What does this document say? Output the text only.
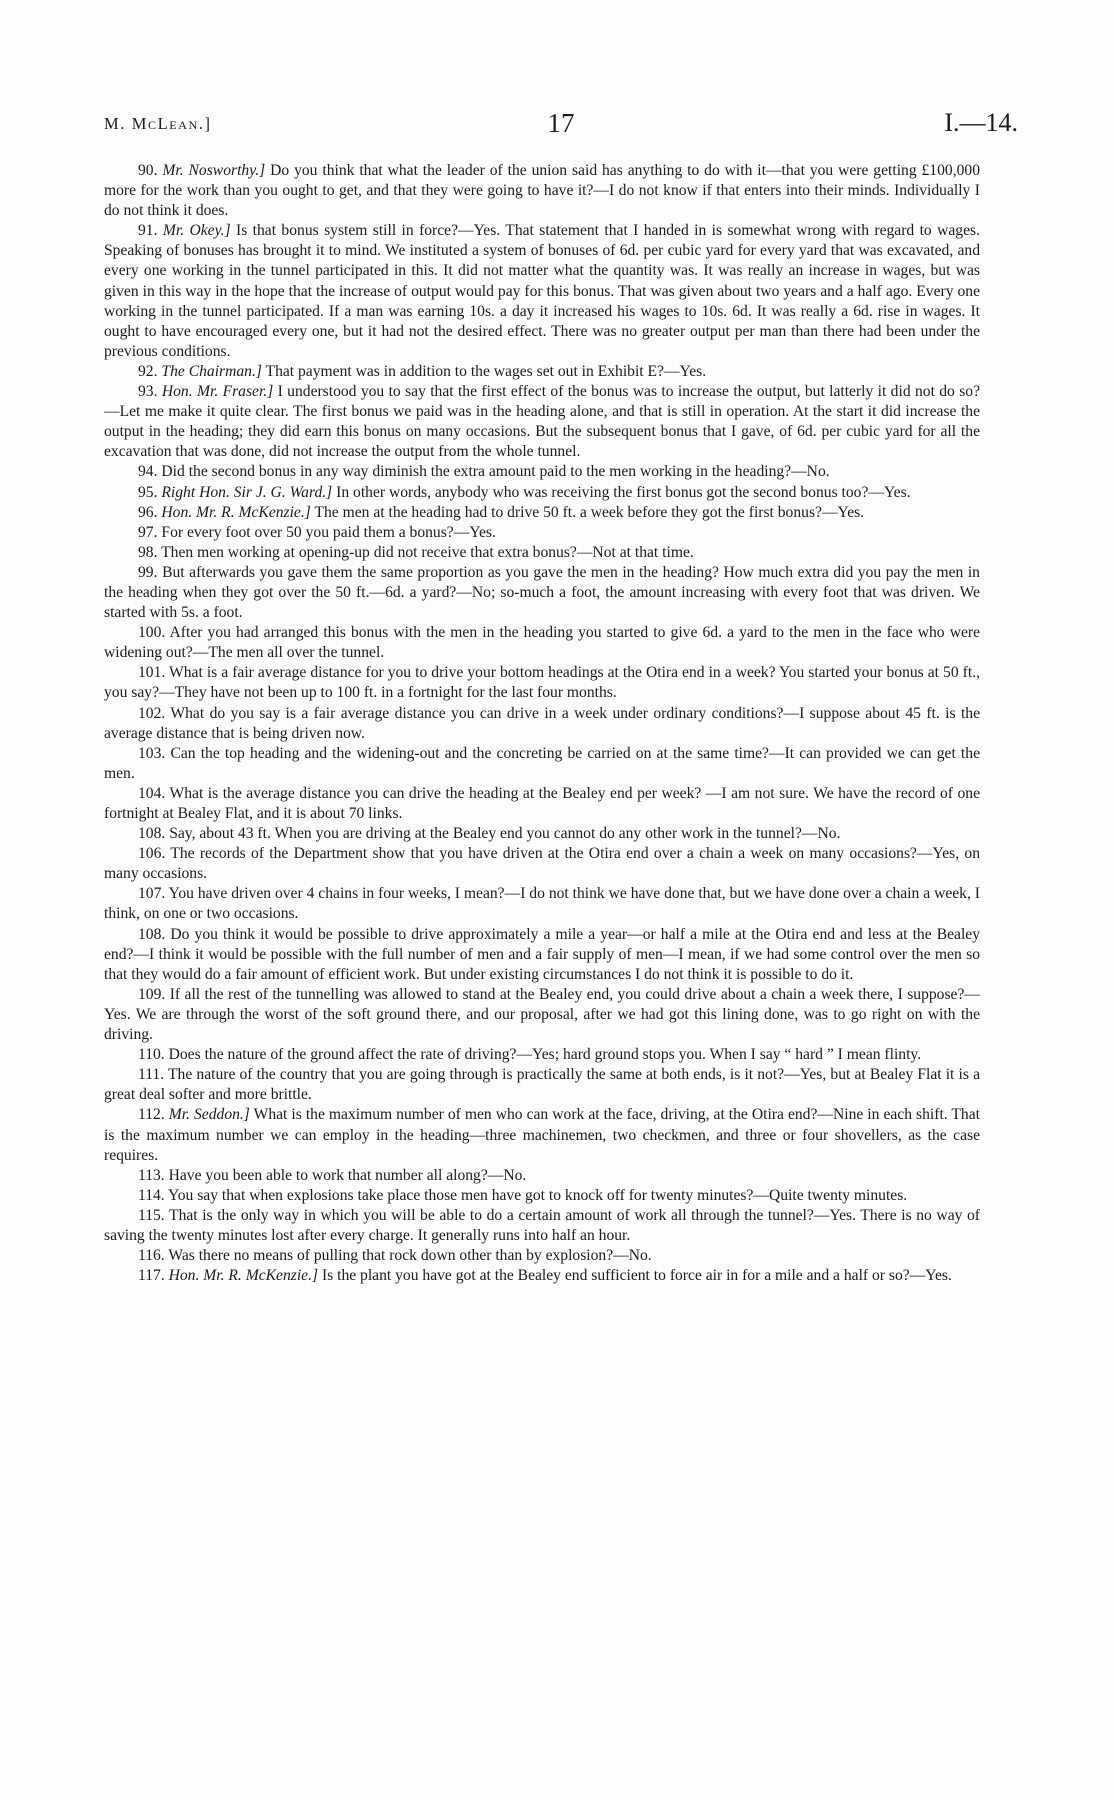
M. McLean.]	17	I.—14.

90. Mr. Nosworthy.] Do you think that what the leader of the union said has anything to do with it—that you were getting £100,000 more for the work than you ought to get, and that they were going to have it?—I do not know if that enters into their minds. Individually I do not think it does.

91. Mr. Okey.] Is that bonus system still in force?—Yes. That statement that I handed in is somewhat wrong with regard to wages. Speaking of bonuses has brought it to mind. We instituted a system of bonuses of 6d. per cubic yard for every yard that was excavated, and every one working in the tunnel participated in this. It did not matter what the quantity was. It was really an increase in wages, but was given in this way in the hope that the increase of output would pay for this bonus. That was given about two years and a half ago. Every one working in the tunnel participated. If a man was earning 10s. a day it increased his wages to 10s. 6d. It was really a 6d. rise in wages. It ought to have encouraged every one, but it had not the desired effect. There was no greater output per man than there had been under the previous conditions.

92. The Chairman.] That payment was in addition to the wages set out in Exhibit E?—Yes.

93. Hon. Mr. Fraser.] I understood you to say that the first effect of the bonus was to increase the output, but latterly it did not do so?—Let me make it quite clear. The first bonus we paid was in the heading alone, and that is still in operation. At the start it did increase the output in the heading; they did earn this bonus on many occasions. But the subsequent bonus that I gave, of 6d. per cubic yard for all the excavation that was done, did not increase the output from the whole tunnel.

94. Did the second bonus in any way diminish the extra amount paid to the men working in the heading?—No.

95. Right Hon. Sir J. G. Ward.] In other words, anybody who was receiving the first bonus got the second bonus too?—Yes.

96. Hon. Mr. R. McKenzie.] The men at the heading had to drive 50 ft. a week before they got the first bonus?—Yes.

97. For every foot over 50 you paid them a bonus?—Yes.

98. Then men working at opening-up did not receive that extra bonus?—Not at that time.

99. But afterwards you gave them the same proportion as you gave the men in the heading? How much extra did you pay the men in the heading when they got over the 50 ft.—6d. a yard?—No; so-much a foot, the amount increasing with every foot that was driven. We started with 5s. a foot.

100. After you had arranged this bonus with the men in the heading you started to give 6d. a yard to the men in the face who were widening out?—The men all over the tunnel.

101. What is a fair average distance for you to drive your bottom headings at the Otira end in a week? You started your bonus at 50 ft., you say?—They have not been up to 100 ft. in a fortnight for the last four months.

102. What do you say is a fair average distance you can drive in a week under ordinary conditions?—I suppose about 45 ft. is the average distance that is being driven now.

103. Can the top heading and the widening-out and the concreting be carried on at the same time?—It can provided we can get the men.

104. What is the average distance you can drive the heading at the Bealey end per week? —I am not sure. We have the record of one fortnight at Bealey Flat, and it is about 70 links.

108. Say, about 43 ft. When you are driving at the Bealey end you cannot do any other work in the tunnel?—No.

106. The records of the Department show that you have driven at the Otira end over a chain a week on many occasions?—Yes, on many occasions.

107. You have driven over 4 chains in four weeks, I mean?—I do not think we have done that, but we have done over a chain a week, I think, on one or two occasions.

108. Do you think it would be possible to drive approximately a mile a year—or half a mile at the Otira end and less at the Bealey end?—I think it would be possible with the full number of men and a fair supply of men—I mean, if we had some control over the men so that they would do a fair amount of efficient work. But under existing circumstances I do not think it is possible to do it.

109. If all the rest of the tunnelling was allowed to stand at the Bealey end, you could drive about a chain a week there, I suppose?—Yes. We are through the worst of the soft ground there, and our proposal, after we had got this lining done, was to go right on with the driving.

110. Does the nature of the ground affect the rate of driving?—Yes; hard ground stops you. When I say “ hard ” I mean flinty.

111. The nature of the country that you are going through is practically the same at both ends, is it not?—Yes, but at Bealey Flat it is a great deal softer and more brittle.

112. Mr. Seddon.] What is the maximum number of men who can work at the face, driving, at the Otira end?—Nine in each shift. That is the maximum number we can employ in the heading—three machinemen, two checkmen, and three or four shovellers, as the case requires.

113. Have you been able to work that number all along?—No.

114. You say that when explosions take place those men have got to knock off for twenty minutes?—Quite twenty minutes.

115. That is the only way in which you will be able to do a certain amount of work all through the tunnel?—Yes. There is no way of saving the twenty minutes lost after every charge. It generally runs into half an hour.

116. Was there no means of pulling that rock down other than by explosion?—No.

117. Hon. Mr. R. McKenzie.] Is the plant you have got at the Bealey end sufficient to force air in for a mile and a half or so?—Yes.
